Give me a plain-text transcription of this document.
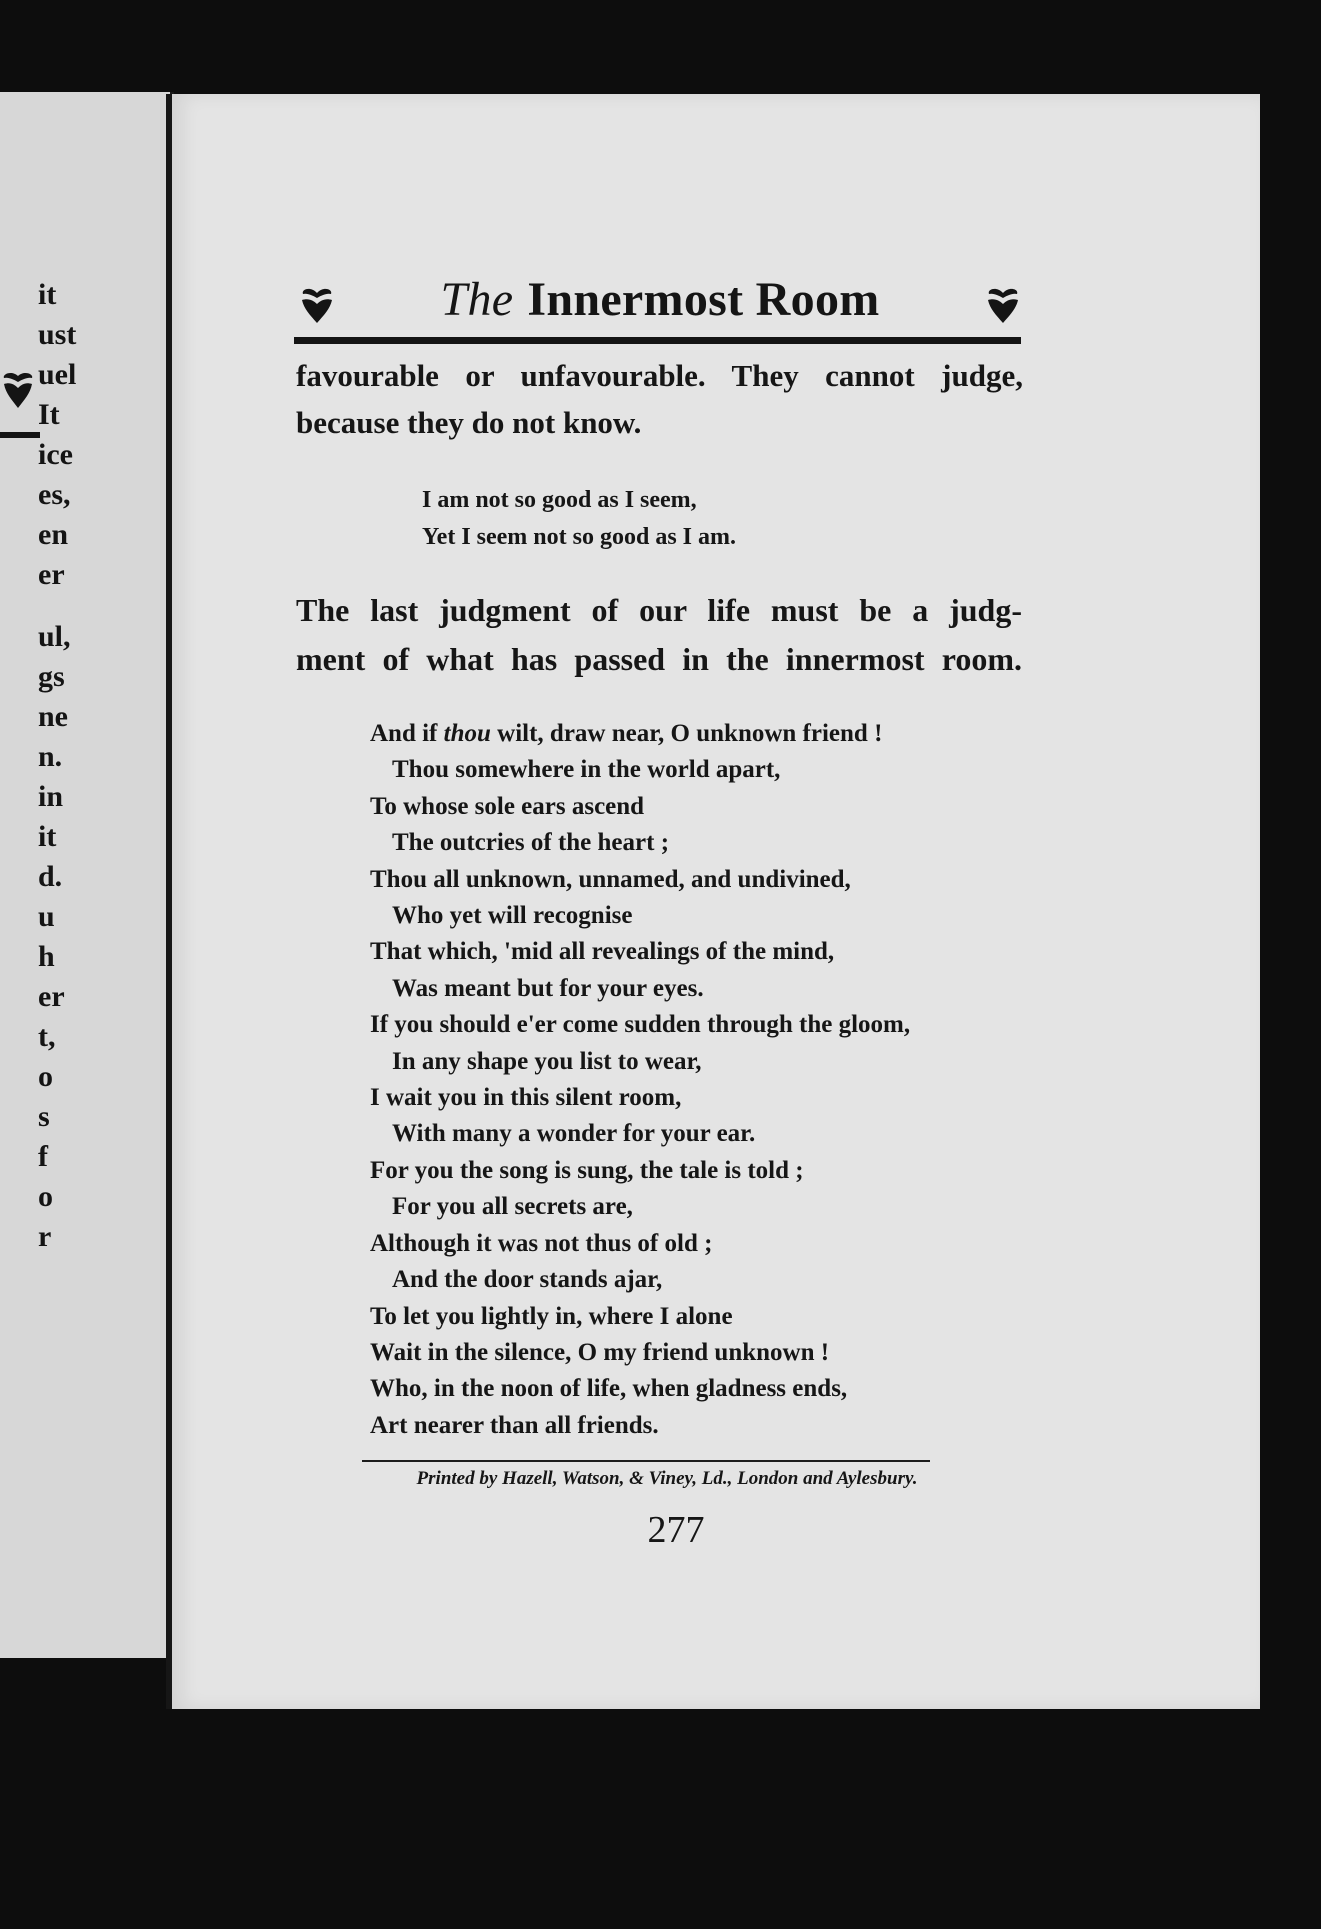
it

ust

uel

It

ice

es,

en

er

ul,

gs

ne

n.

in

it

d.

u

h

er

t,

o

s

f

o

r

The Innermost Room

favourable or unfavourable. They cannot judge,
because they do not know.

I am not so good as I seem,
Yet I seem not so good as I am.

The last judgment of our life must be a judg-
ment of what has passed in the innermost room.

And if thou wilt, draw near, O unknown friend !
Thou somewhere in the world apart,
To whose sole ears ascend
The outcries of the heart ;
Thou all unknown, unnamed, and undivined,
Who yet will recognise
That which, 'mid all revealings of the mind,
Was meant but for your eyes.
If you should e'er come sudden through the gloom,
In any shape you list to wear,
I wait you in this silent room,
With many a wonder for your ear.
For you the song is sung, the tale is told ;
For you all secrets are,
Although it was not thus of old ;
And the door stands ajar,
To let you lightly in, where I alone
Wait in the silence, O my friend unknown !
Who, in the noon of life, when gladness ends,
Art nearer than all friends.

Printed by Hazell, Watson, & Viney, Ld., London and Aylesbury.

277
